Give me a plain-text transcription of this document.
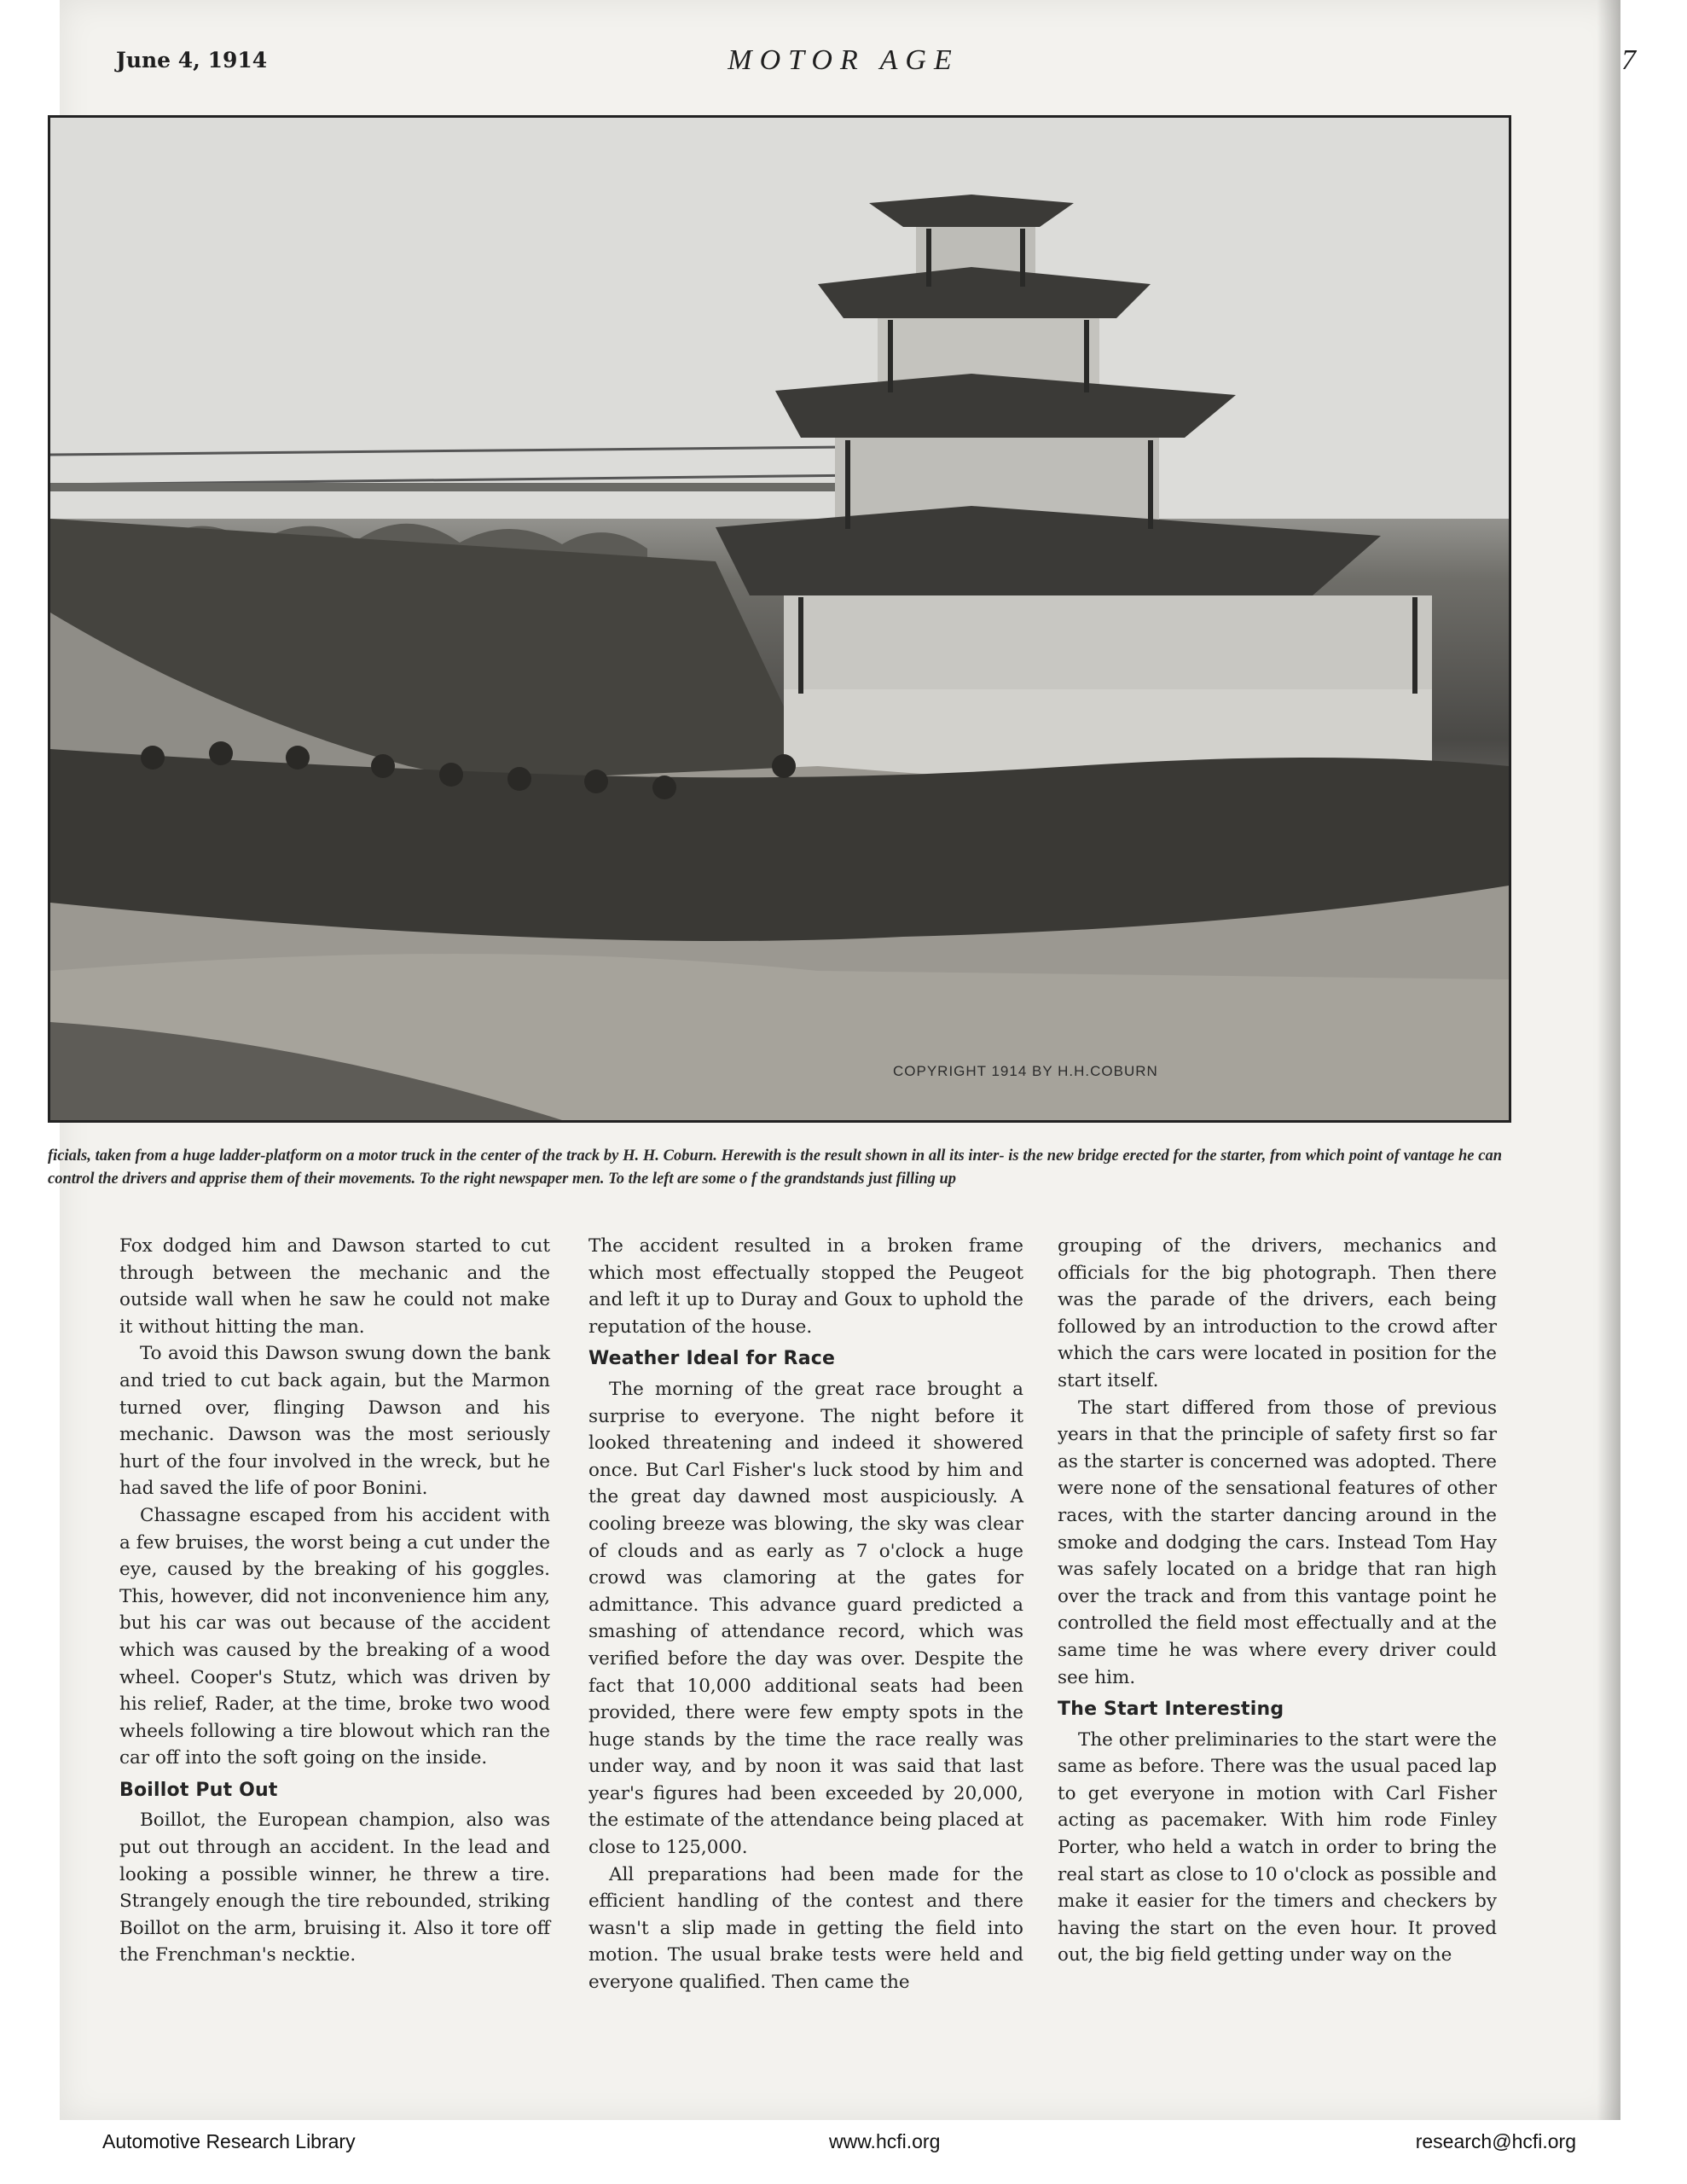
June 4, 1914	MOTOR AGE	7
COPYRIGHT 1914 BY H.H.COBURN
ficials, taken from a huge ladder-platform on a motor truck in the center of the track by H. H. Coburn. Herewith is the result shown in all its inter- is the new bridge erected for the starter, from which point of vantage he can control the drivers and apprise them of their movements. To the right newspaper men. To the left are some o f the grandstands just filling up

Fox dodged him and Dawson started to cut through between the mechanic and the outside wall when he saw he could not make it without hitting the man.

To avoid this Dawson swung down the bank and tried to cut back again, but the Marmon turned over, flinging Dawson and his mechanic. Dawson was the most seriously hurt of the four involved in the wreck, but he had saved the life of poor Bonini.

Chassagne escaped from his accident with a few bruises, the worst being a cut under the eye, caused by the breaking of his goggles. This, however, did not inconvenience him any, but his car was out because of the accident which was caused by the breaking of a wood wheel. Cooper's Stutz, which was driven by his relief, Rader, at the time, broke two wood wheels following a tire blowout which ran the car off into the soft going on the inside.

Boillot Put Out

Boillot, the European champion, also was put out through an accident. In the lead and looking a possible winner, he threw a tire. Strangely enough the tire rebounded, striking Boillot on the arm, bruising it. Also it tore off the Frenchman's necktie.

The accident resulted in a broken frame which most effectually stopped the Peugeot and left it up to Duray and Goux to uphold the reputation of the house.

Weather Ideal for Race

The morning of the great race brought a surprise to everyone. The night before it looked threatening and indeed it showered once. But Carl Fisher's luck stood by him and the great day dawned most auspiciously. A cooling breeze was blowing, the sky was clear of clouds and as early as 7 o'clock a huge crowd was clamoring at the gates for admittance. This advance guard predicted a smashing of attendance record, which was verified before the day was over. Despite the fact that 10,000 additional seats had been provided, there were few empty spots in the huge stands by the time the race really was under way, and by noon it was said that last year's figures had been exceeded by 20,000, the estimate of the attendance being placed at close to 125,000.

All preparations had been made for the efficient handling of the contest and there wasn't a slip made in getting the field into motion. The usual brake tests were held and everyone qualified. Then came the

grouping of the drivers, mechanics and officials for the big photograph. Then there was the parade of the drivers, each being followed by an introduction to the crowd after which the cars were located in position for the start itself.

The start differed from those of previous years in that the principle of safety first so far as the starter is concerned was adopted. There were none of the sensational features of other races, with the starter dancing around in the smoke and dodging the cars. Instead Tom Hay was safely located on a bridge that ran high over the track and from this vantage point he controlled the field most effectually and at the same time he was where every driver could see him.

The Start Interesting

The other preliminaries to the start were the same as before. There was the usual paced lap to get everyone in motion with Carl Fisher acting as pacemaker. With him rode Finley Porter, who held a watch in order to bring the real start as close to 10 o'clock as possible and make it easier for the timers and checkers by having the start on the even hour. It proved out, the big field getting under way on the

Automotive Research Library	www.hcfi.org	research@hcfi.org
